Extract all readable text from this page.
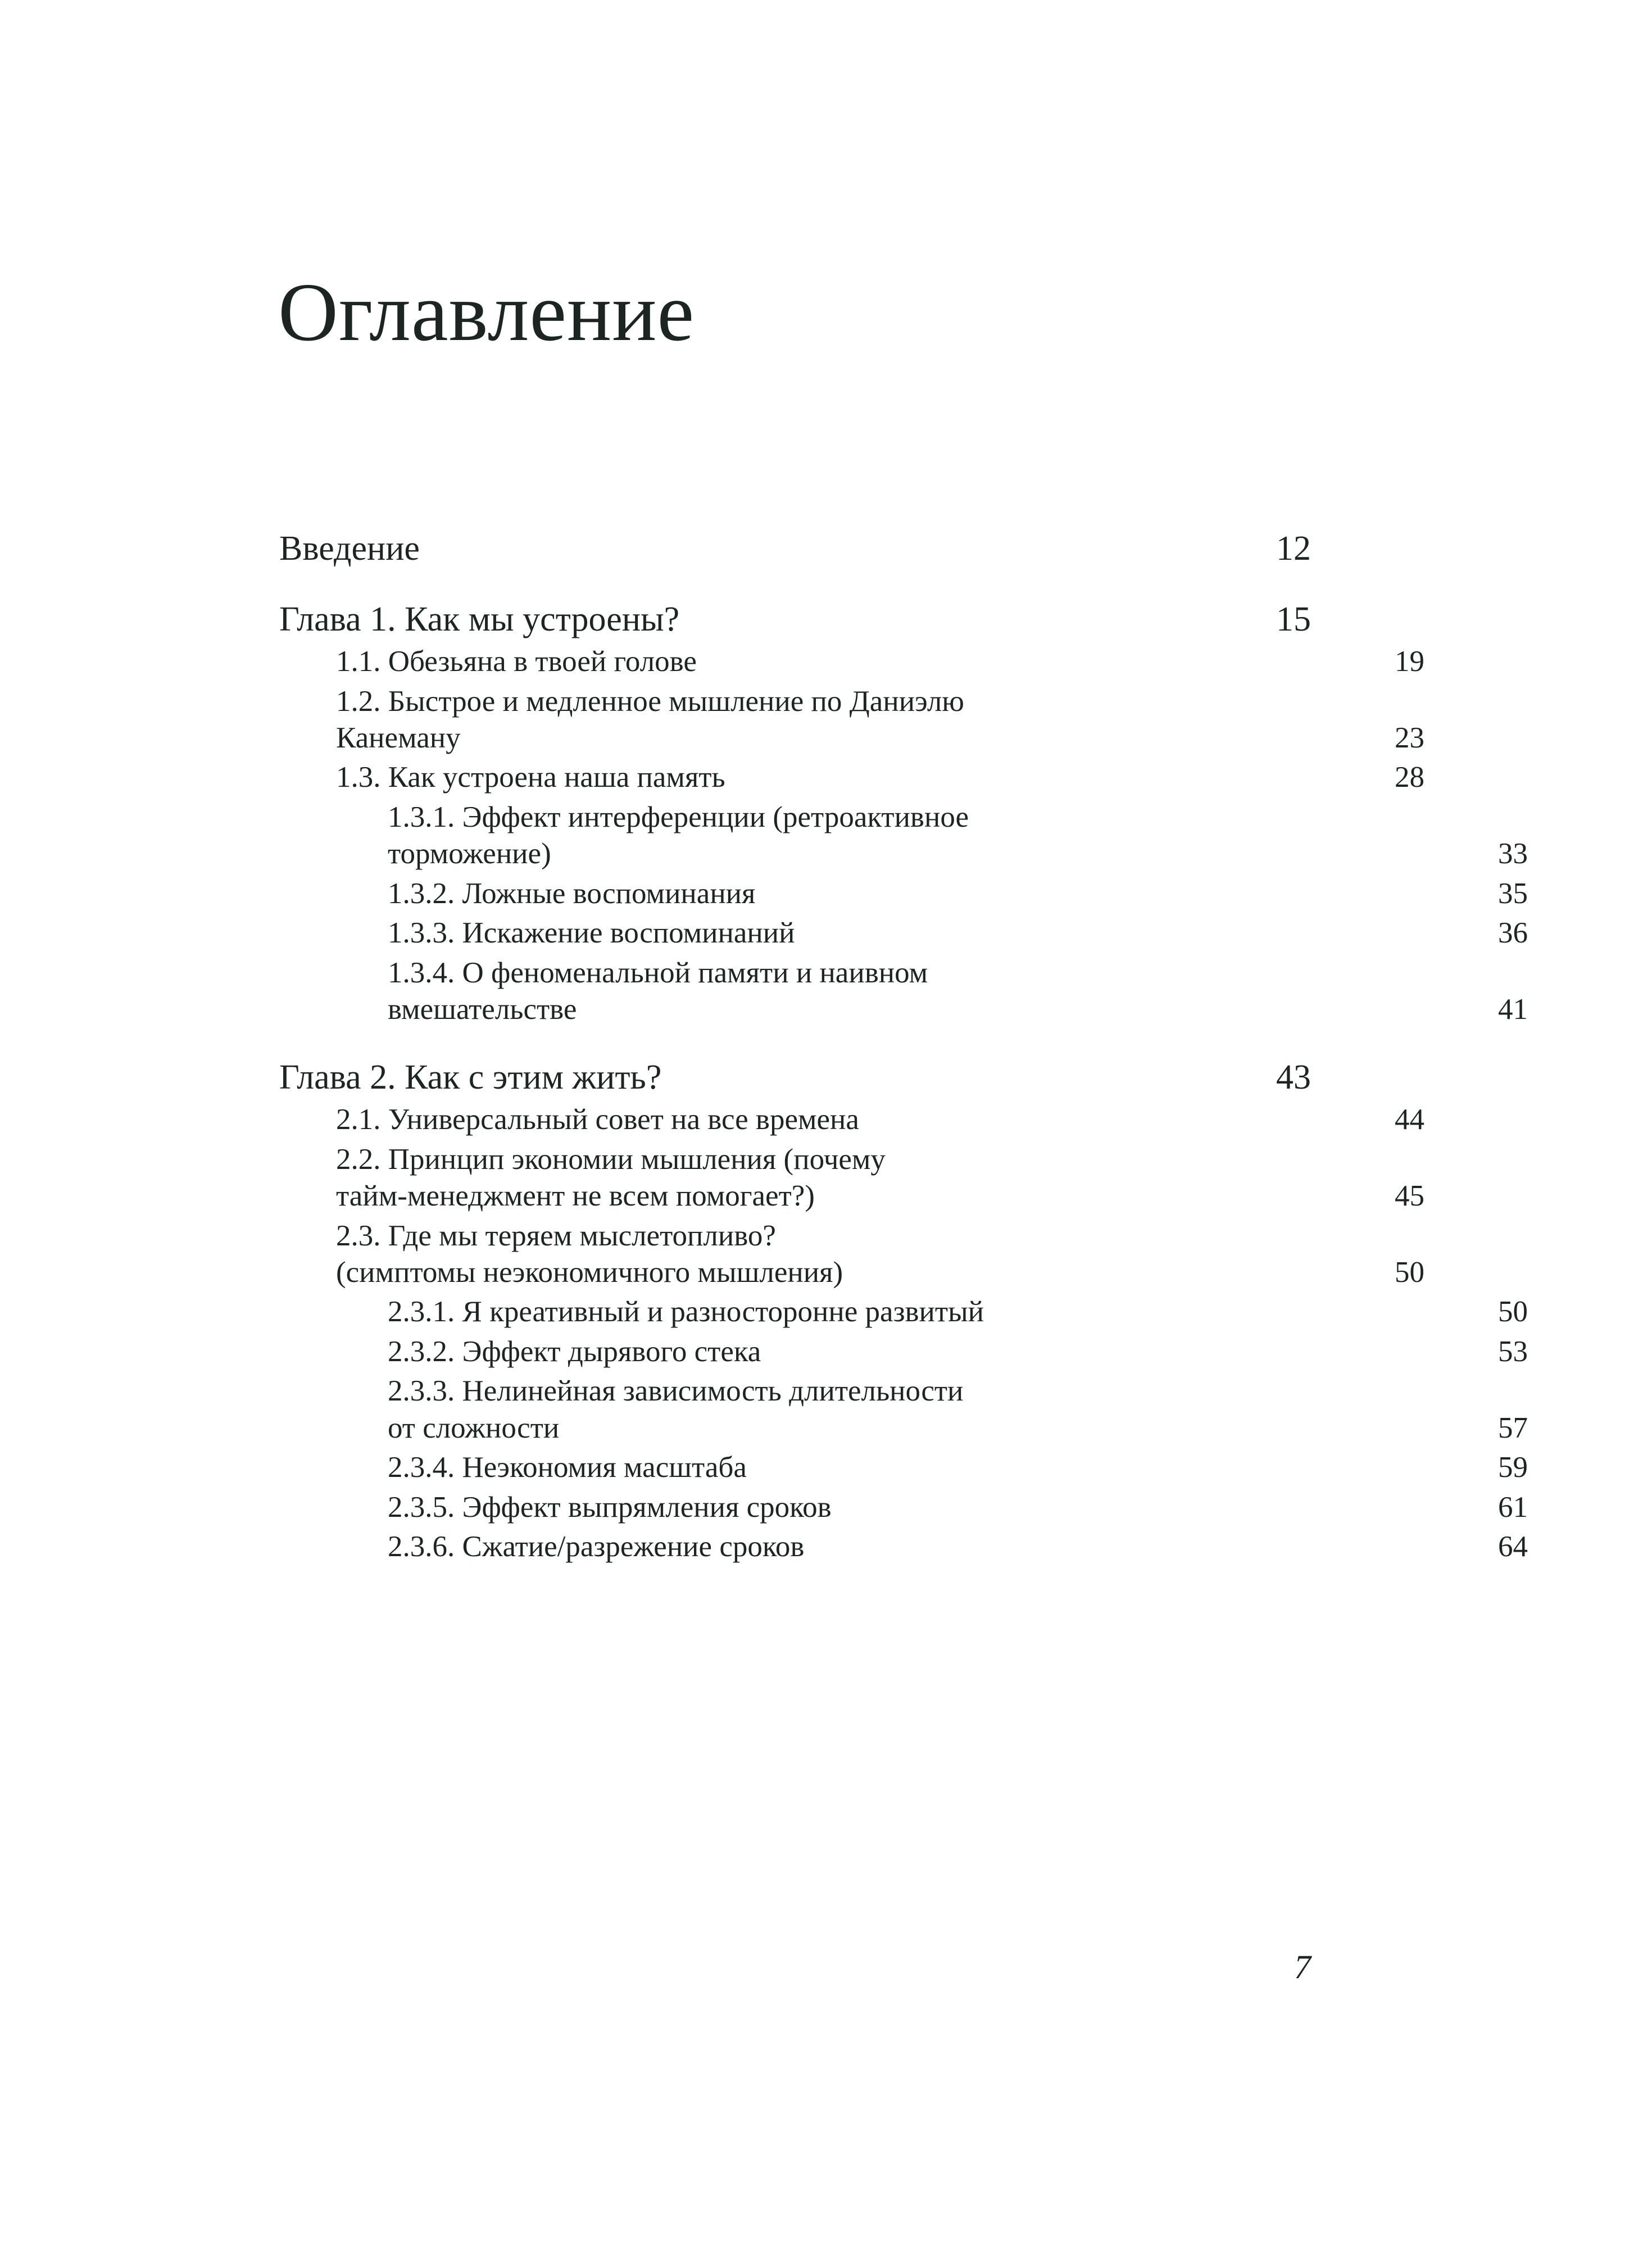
Оглавление
Введение	12
Глава 1. Как мы устроены?	15
1.1. Обезьяна в твоей голове	19
1.2. Быстрое и медленное мышление по Даниэлю
Канеману	23
1.3. Как устроена наша память	28
1.3.1. Эффект интерференции (ретроактивное
торможение)	33
1.3.2. Ложные воспоминания	35
1.3.3. Искажение воспоминаний	36
1.3.4. О феноменальной памяти и наивном
вмешательстве	41
Глава 2. Как с этим жить?	43
2.1. Универсальный совет на все времена	44
2.2. Принцип экономии мышления (почему
тайм-менеджмент не всем помогает?)	45
2.3. Где мы теряем мыслетопливо?
(симптомы неэкономичного мышления)	50
2.3.1. Я креативный и разносторонне развитый	50
2.3.2. Эффект дырявого стека	53
2.3.3. Нелинейная зависимость длительности
от сложности	57
2.3.4. Неэкономия масштаба	59
2.3.5. Эффект выпрямления сроков	61
2.3.6. Сжатие/разрежение сроков	64
7
